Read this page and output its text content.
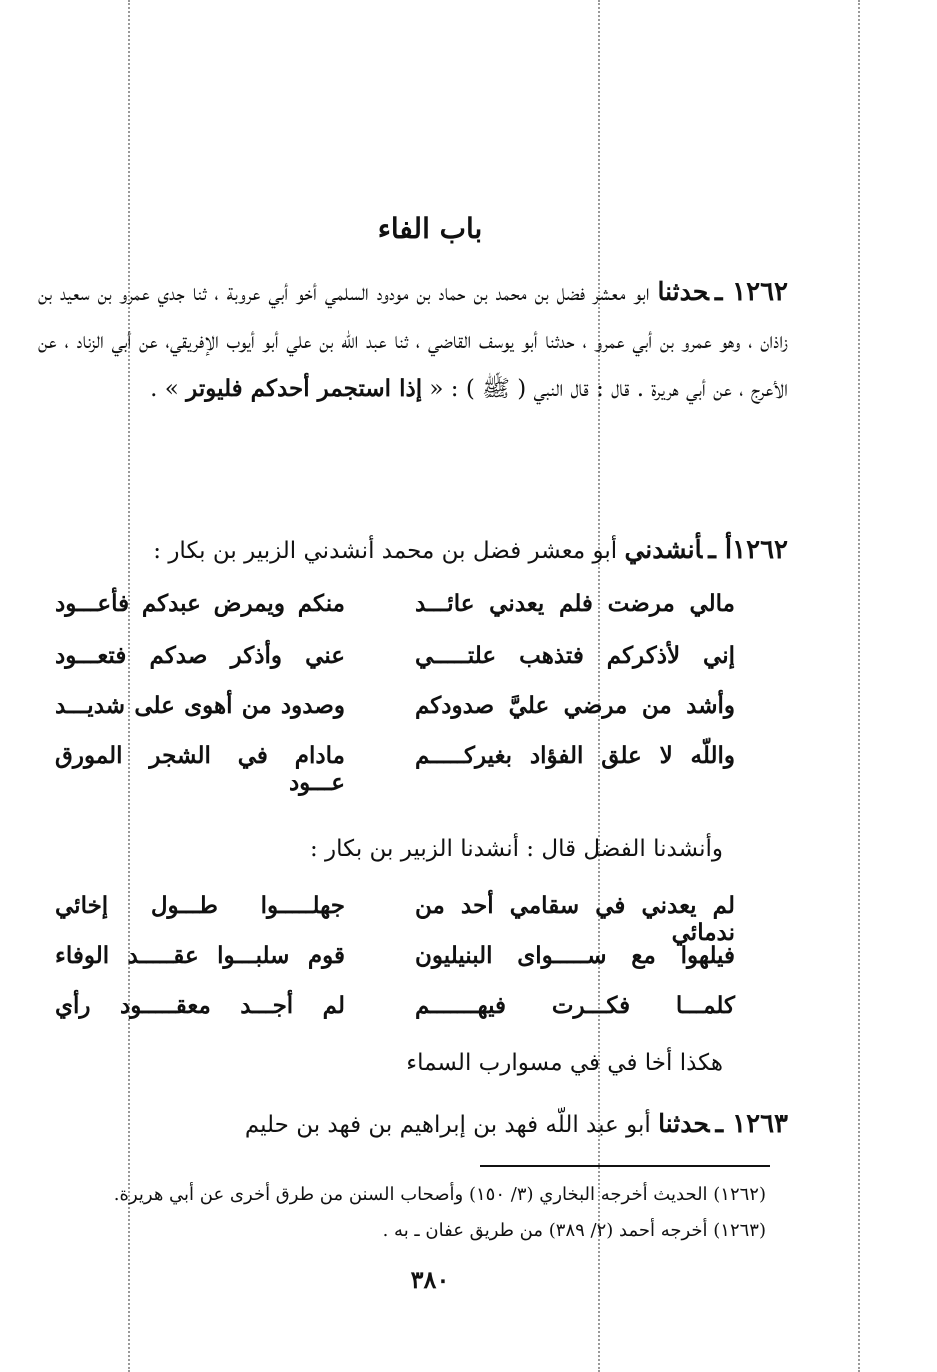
باب الفاء
١٢٦٢ ـحدثنا ابو معشر فضل بن محمد بن حماد بن مودود السلمي أخو أبي عروبة ، ثنا جدي عمرو بن سعيد بن زاذان ، وهو عمرو بن أبي عمرو ، حدثنا أبو يوسف القاضي ، ثنا عبد اللّه بن علي أبو أيوب الإفريقي، عن أبي الزناد ، عن الأعرج ، عن أبي هريرة . قال : قال النبي ( ﷺ ) : « إذا استجمر أحدكم فليوتر » .
١٢٦٢أ ـأنشدني أبو معشر فضل بن محمد أنشدني الزبير بن بكار :
مالي مرضت فلم يعدني عائـــد
منكم ويمرض عبدكم فأعـــود
إني لأذكركم فتذهب علتـــــي
عني وأذكر صدكم فتعـــود
وأشد من مرضي عليَّ صدودكم
وصدود من أهوى على شديـــد
واللّه لا علق الفؤاد بغيركـــــم
مادام في الشجر المورق عـــود
وأنشدنا الفضل قال : أنشدنا الزبير بن بكار :
لم يعدني في سقامي أحد من ندمائي
جهلـــــوا طـــول إخائي
فيلهوا مع ســـــواى البنيليون
قوم سلبـــوا عقـــــد الوفاء
كلمـــا فكـــرت فيهـــــــم
لم أجـــد معقـــــود رأي
هكذا أخا في في مسوارب السماء
١٢٦٣ ـحدثنا أبو عبد اللّه فهد بن إبراهيم بن فهد بن حليم
(١٢٦٢) الحديث أخرجه البخاري (٣/ ١٥٠) وأصحاب السنن من طرق أخرى عن أبي هريرة.
(١٢٦٣) أخرجه أحمد (٢/ ٣٨٩) من طريق عفان ـ به .
٣٨٠
